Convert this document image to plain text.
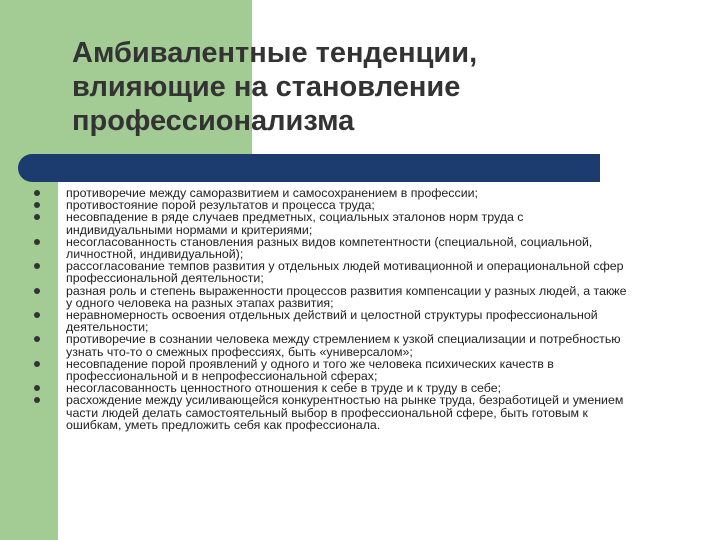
Амбивалентные тенденции,
влияющие на становление
профессионализма
противоречие между саморазвитием и самосохранением в профессии;
противостояние порой результатов и процесса труда;
несовпадение в ряде случаев предметных, социальных эталонов норм труда с
индивидуальными нормами и критериями;
несогласованность становления разных видов компетентности (специальной, социальной,
личностной, индивидуальной);
рассогласование темпов развития у отдельных людей мотивационной и операциональной сфер
профессиональной деятельности;
разная роль и степень выраженности процессов развития компенсации у разных людей, а также
у одного человека на разных этапах развития;
неравномерность освоения отдельных действий и целостной структуры профессиональной
деятельности;
противоречие в сознании человека между стремлением к узкой специализации и потребностью
узнать что-то о смежных профессиях, быть «универсалом»;
несовпадение порой проявлений у одного и того же человека психических качеств в
профессиональной и в непрофессиональной сферах;
несогласованность ценностного отношения к себе в труде и к труду в себе;
расхождение между усиливающейся конкурентностью на рынке труда, безработицей и умением
части людей делать самостоятельный выбор в профессиональной сфере, быть готовым к
ошибкам, уметь предложить себя как профессионала.
